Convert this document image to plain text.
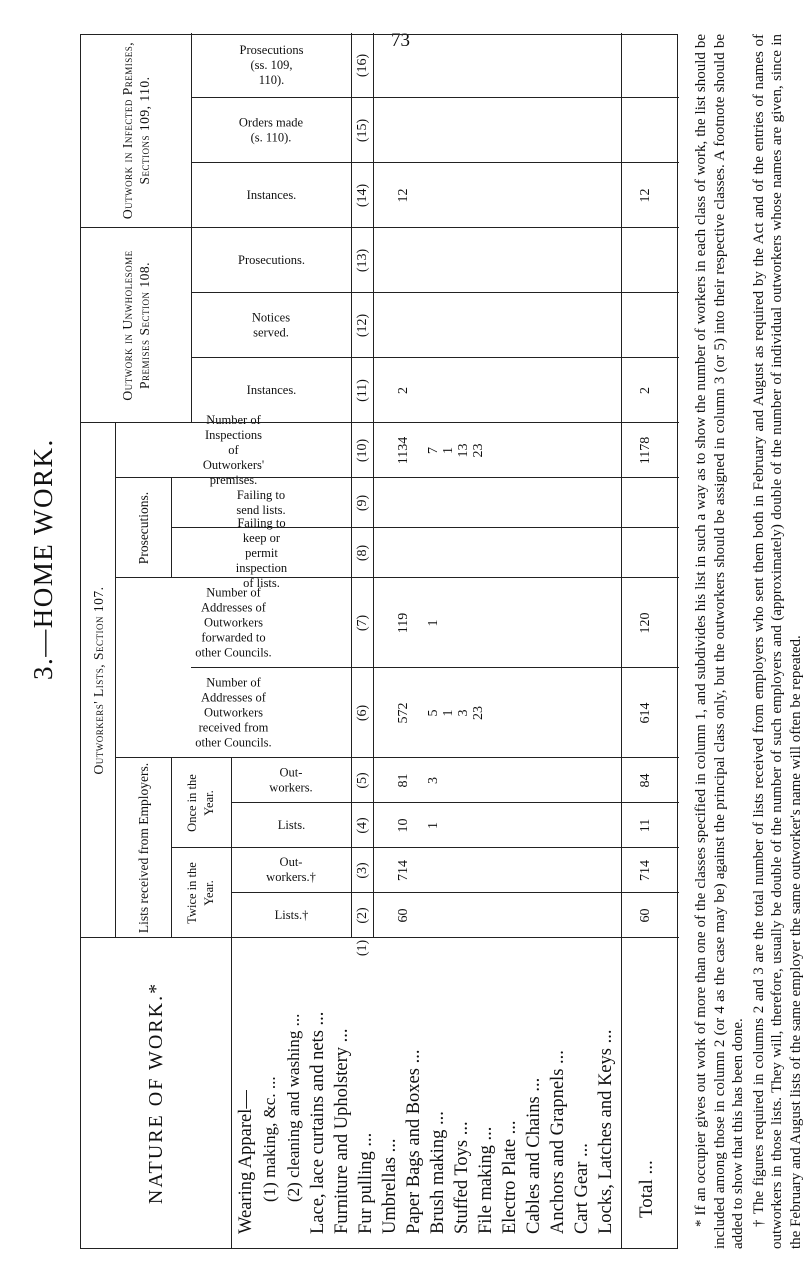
73
3.—HOME WORK.
NATURE OF WORK.*
Outworkers' Lists, Section 107.
Outwork in Unwholesome Premises Section 108.
Outwork in Infected Premises, Sections 109, 110.
Lists received from Employers.	Twice in the Year.
Once in the Year.
Prosecutions.
Lists.†
Out-workers.†
Lists.
Out-workers.
Number of Addresses of Outworkers received from other Councils.
Number of Addresses of Outworkers forwarded to other Councils.
Failing to keep or permit inspection of lists.
Failing to send lists.
Number of Inspections of Outworkers' premises.
Instances.
Notices served.
Prosecutions.
Instances.
Orders made (s. 110).
Prosecutions (ss. 109, 110).
(2)
(3)
(4)
(5)
(6)
(7)
(8)
(9)
(10)
(11)
(12)
(13)
(14)
(15)
(16)
(1)
Wearing Apparel— (1) making, &c. ... (2) cleaning and washing ... Lace, lace curtains and nets ... Furniture and Upholstery ... Fur pulling ... Umbrellas ... Paper Bags and Boxes ... Brush making ... Stuffed Toys ... File making ... Electro Plate ... Cables and Chains ... Anchors and Grapnels ... Cart Gear ... Locks, Latches and Keys ...
60
714
10
81
572
119
1134
2
12
1
3
5
1
7
1
1
3
13
23
23
Total ...
60
714
11
84
614
120
1178
2
12	* If an occupier gives out work of more than one of the classes specified in column 1, and subdivides his list in such a way as to show the number of workers in each class of work, the list should be included among those in column 2 (or 4 as the case may be) against the principal class only, but the outworkers should be assigned in column 3 (or 5) into their respective classes. A footnote should be added to show that this has been done. † The figures required in columns 2 and 3 are the total number of lists received from employers who sent them both in February and August as required by the Act and of the entries of names of outworkers in those lists. They will, therefore, usually be double of the number of such employers and (approximately) double of the number of individual outworkers whose names are given, since in the February and August lists of the same employer the same outworker's name will often be repeated.
